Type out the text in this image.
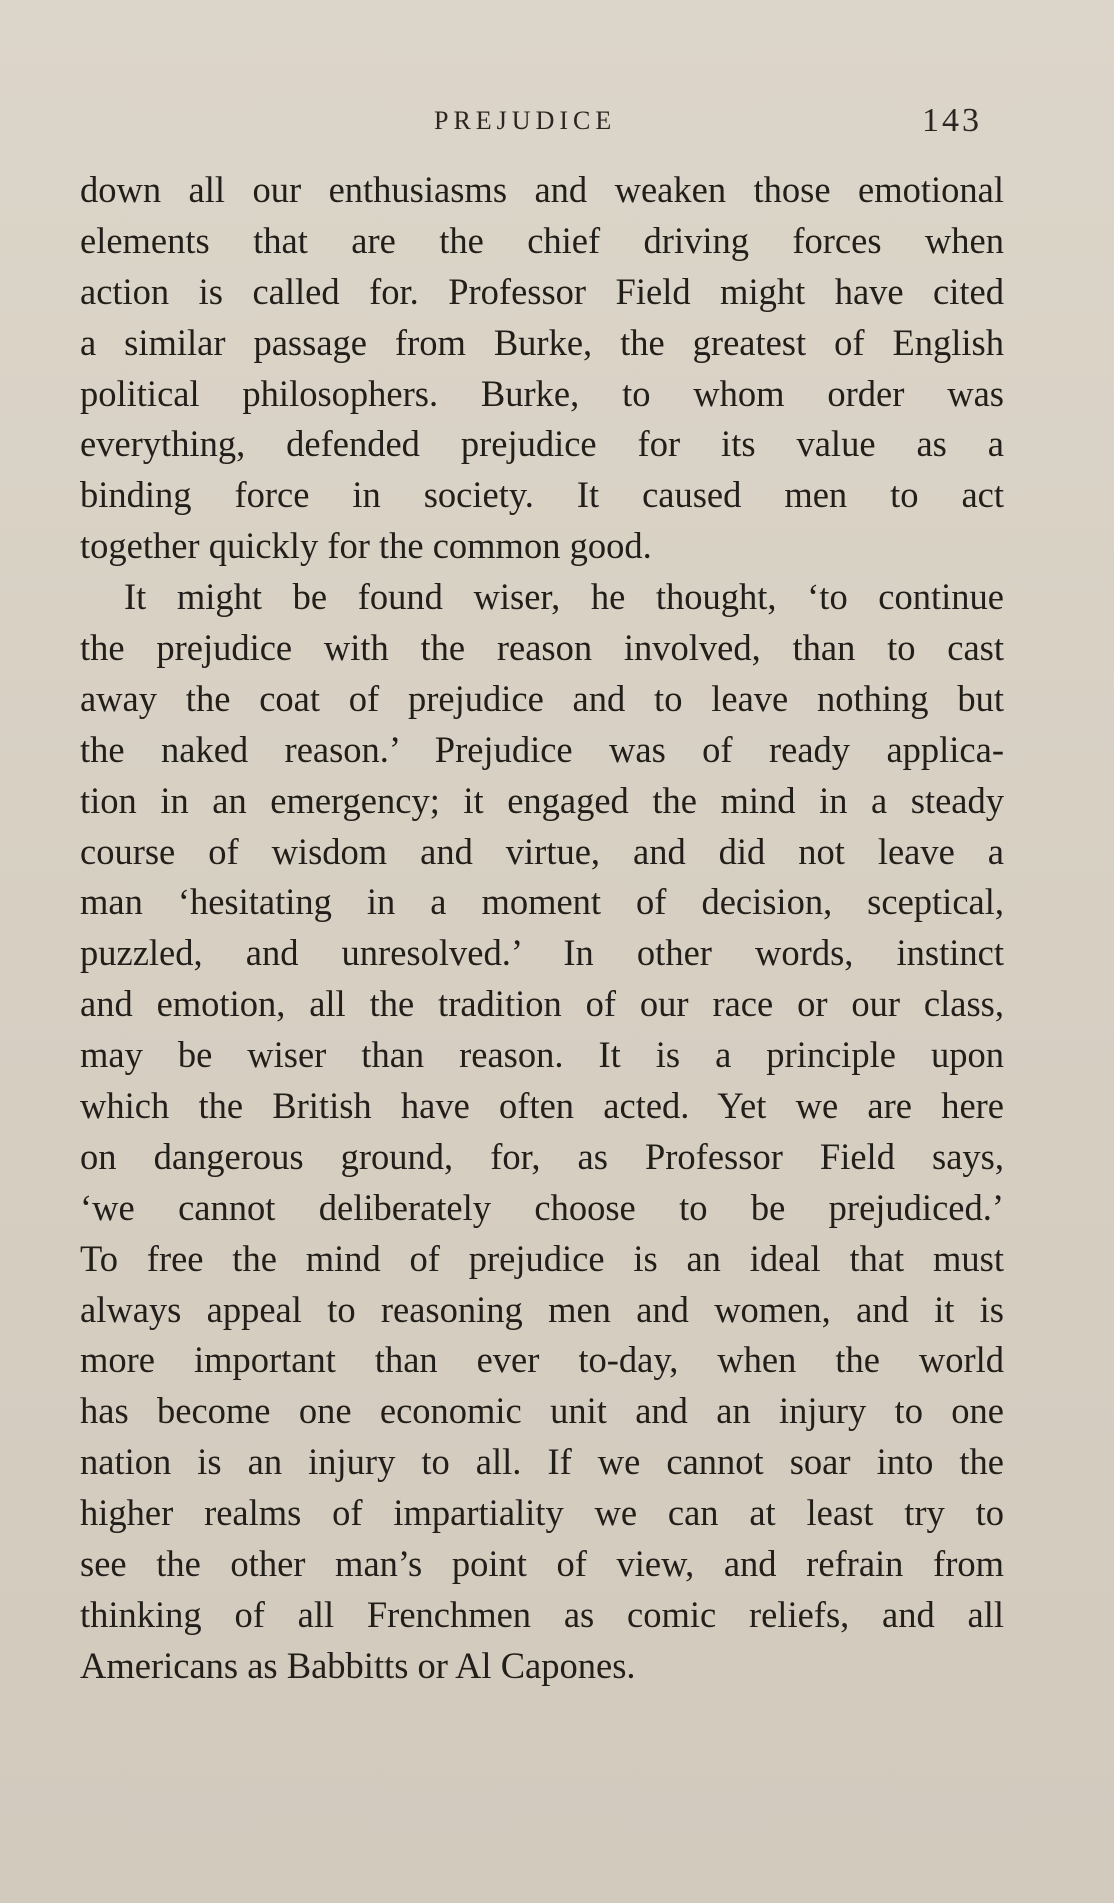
PREJUDICE	143
down all our enthusiasms and weaken those emotional
elements that are the chief driving forces when
action is called for. Professor Field might have cited
a similar passage from Burke, the greatest of English
political philosophers. Burke, to whom order was
everything, defended prejudice for its value as a
binding force in society. It caused men to act
together quickly for the common good.
It might be found wiser, he thought, ‘to continue
the prejudice with the reason involved, than to cast
away the coat of prejudice and to leave nothing but
the naked reason.’ Prejudice was of ready applica-
tion in an emergency; it engaged the mind in a steady
course of wisdom and virtue, and did not leave a
man ‘hesitating in a moment of decision, sceptical,
puzzled, and unresolved.’ In other words, instinct
and emotion, all the tradition of our race or our class,
may be wiser than reason. It is a principle upon
which the British have often acted. Yet we are here
on dangerous ground, for, as Professor Field says,
‘we cannot deliberately choose to be prejudiced.’
To free the mind of prejudice is an ideal that must
always appeal to reasoning men and women, and it is
more important than ever to-day, when the world
has become one economic unit and an injury to one
nation is an injury to all. If we cannot soar into the
higher realms of impartiality we can at least try to
see the other man’s point of view, and refrain from
thinking of all Frenchmen as comic reliefs, and all
Americans as Babbitts or Al Capones.
